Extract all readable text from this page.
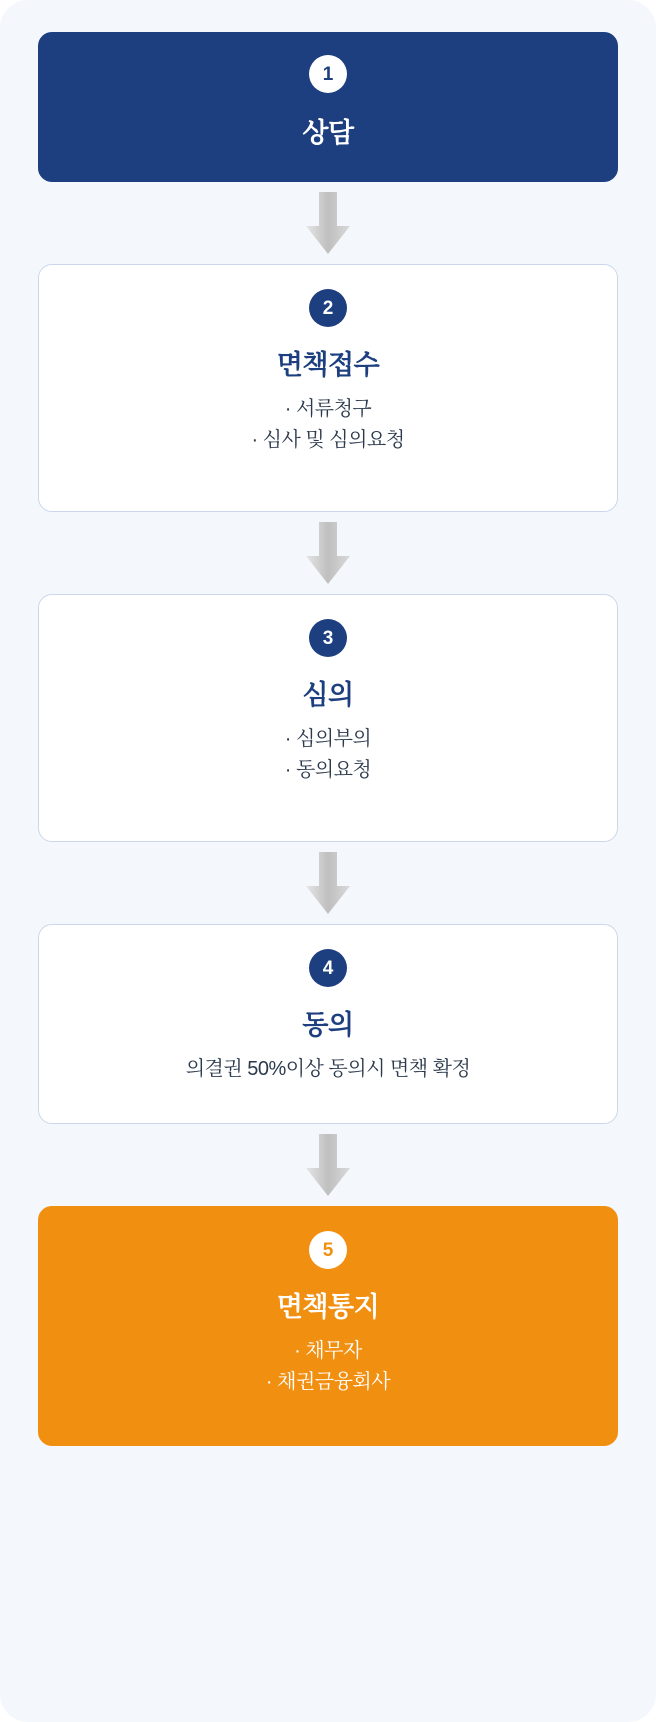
1
상담
2
면책접수
· 서류청구
· 심사 및 심의요청
3
심의
· 심의부의
· 동의요청
4
동의
의결권 50%이상 동의시 면책 확정
5
면책통지
· 채무자
· 채권금융회사
